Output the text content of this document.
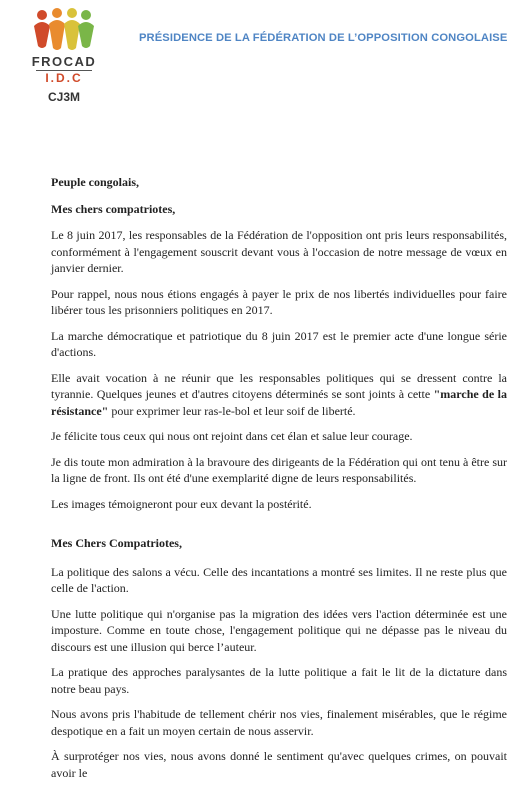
FROCAD
I.D.C
CJ3M
PRÉSIDENCE DE LA FÉDÉRATION DE L’OPPOSITION CONGOLAISE

Peuple congolais,

Mes chers compatriotes,

Le 8 juin 2017, les responsables de la Fédération de l'opposition ont pris leurs responsabilités, conformément à l'engagement souscrit devant vous à l'occasion de notre message de vœux en janvier dernier.

Pour rappel, nous nous étions engagés à payer le prix de nos libertés individuelles pour faire libérer tous les prisonniers politiques en 2017.

La marche démocratique et patriotique du 8 juin 2017 est le premier acte d'une longue série d'actions.

Elle avait vocation à ne réunir que les responsables politiques qui se dressent contre la tyrannie. Quelques jeunes et d'autres citoyens déterminés se sont joints à cette "marche de la résistance" pour exprimer leur ras-le-bol et leur soif de liberté.

Je félicite tous ceux qui nous ont rejoint dans cet élan et salue leur courage.

Je dis toute mon admiration à la bravoure des dirigeants de la Fédération qui ont tenu à être sur la ligne de front. Ils ont été d'une exemplarité digne de leurs responsabilités.

Les images témoigneront pour eux devant la postérité.

Mes Chers Compatriotes,

La politique des salons a vécu. Celle des incantations a montré ses limites. Il ne reste plus que celle de l'action.

Une lutte politique qui n'organise pas la migration des idées vers l'action déterminée est une imposture. Comme en toute chose, l'engagement politique qui ne dépasse pas le niveau du discours est une illusion qui berce l’auteur.

La pratique des approches paralysantes de la lutte politique a fait le lit de la dictature dans notre beau pays.

Nous avons pris l'habitude de tellement chérir nos vies, finalement misérables, que le régime despotique en a fait un moyen certain de nous asservir.

À surprotéger nos vies, nous avons donné le sentiment qu'avec quelques crimes, on pouvait avoir le
